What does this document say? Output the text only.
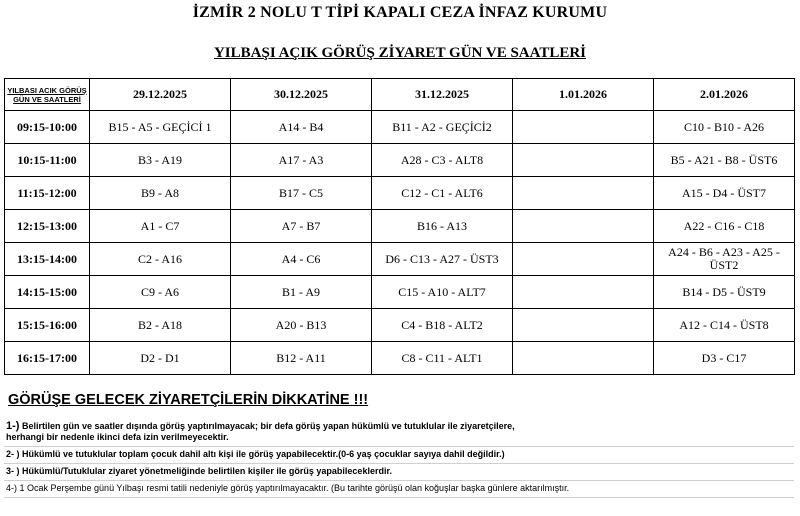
İZMİR 2 NOLU T TİPİ KAPALI CEZA İNFAZ KURUMU
YILBAŞI AÇIK GÖRÜŞ ZİYARET GÜN VE SAATLERİ
YILBASI ACIK GÖRÜŞ GÜN VE SAATLERİ	29.12.2025	30.12.2025	31.12.2025	1.01.2026	2.01.2026
09:15-10:00	B15 - A5 - GEÇİCİ 1	A14 - B4	B11 - A2 - GEÇİCİ2		C10 - B10 - A26
10:15-11:00	B3 - A19	A17 - A3	A28 - C3 - ALT8		B5 - A21 - B8 - ÜST6
11:15-12:00	B9 - A8	B17 - C5	C12 - C1 - ALT6		A15 - D4 - ÜST7
12:15-13:00	A1 - C7	A7 - B7	B16 - A13		A22 - C16 - C18
13:15-14:00	C2 - A16	A4 - C6	D6 - C13 - A27 - ÜST3		A24 - B6 - A23 - A25 - ÜST2
14:15-15:00	C9 - A6	B1 - A9	C15 - A10 - ALT7		B14 - D5 - ÜST9
15:15-16:00	B2 - A18	A20 - B13	C4 - B18 - ALT2		A12 - C14 - ÜST8
16:15-17:00	D2 - D1	B12 - A11	C8 - C11 - ALT1		D3 - C17
GÖRÜŞE GELECEK ZİYARETÇİLERİN DİKKATİNE !!!
1-) Belirtilen gün ve saatler dışında görüş yaptırılmayacak; bir defa görüş yapan hükümlü ve tutuklular ile ziyaretçilere,
herhangi bir nedenle ikinci defa izin verilmeyecektir.
2- ) Hükümlü ve tutuklular toplam çocuk dahil altı kişi ile görüş yapabilecektir.(0-6 yaş çocuklar sayıya dahil değildir.)
3- ) Hükümlü/Tutuklular ziyaret yönetmeliğinde belirtilen kişiler ile görüş yapabileceklerdir.
4-) 1 Ocak Perşembe günü Yılbaşı resmi tatili nedeniyle görüş yaptırılmayacaktır. (Bu tarihte görüşü olan koğuşlar başka günlere aktarılmıştır.
